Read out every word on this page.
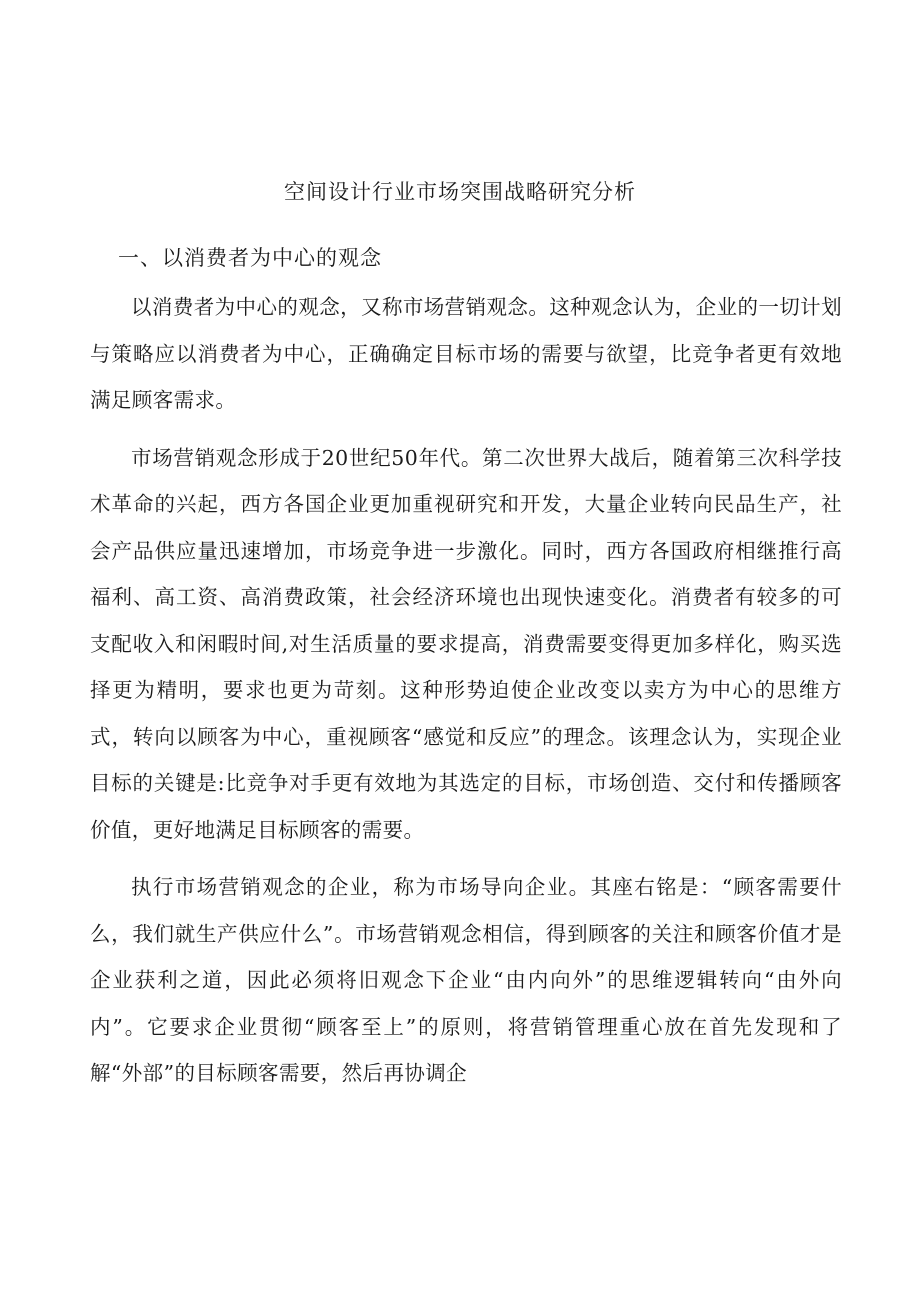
空间设计行业市场突围战略研究分析
一、以消费者为中心的观念

以消费者为中心的观念，又称市场营销观念。这种观念认为，企业的一切计划与策略应以消费者为中心，正确确定目标市场的需要与欲望，比竞争者更有效地满足顾客需求。

市场营销观念形成于20世纪50年代。第二次世界大战后，随着第三次科学技术革命的兴起，西方各国企业更加重视研究和开发，大量企业转向民品生产，社会产品供应量迅速增加，市场竞争进一步激化。同时，西方各国政府相继推行高福利、高工资、高消费政策，社会经济环境也出现快速变化。消费者有较多的可支配收入和闲暇时间,对生活质量的要求提高，消费需要变得更加多样化，购买选择更为精明，要求也更为苛刻。这种形势迫使企业改变以卖方为中心的思维方式，转向以顾客为中心，重视顾客“感觉和反应”的理念。该理念认为，实现企业目标的关键是:比竞争对手更有效地为其选定的目标，市场创造、交付和传播顾客价值，更好地满足目标顾客的需要。

执行市场营销观念的企业，称为市场导向企业。其座右铭是：“顾客需要什么，我们就生产供应什么”。市场营销观念相信，得到顾客的关注和顾客价值才是企业获利之道，因此必须将旧观念下企业“由内向外”的思维逻辑转向“由外向内”。它要求企业贯彻“顾客至上”的原则，将营销管理重心放在首先发现和了解“外部”的目标顾客需要，然后再协调企
